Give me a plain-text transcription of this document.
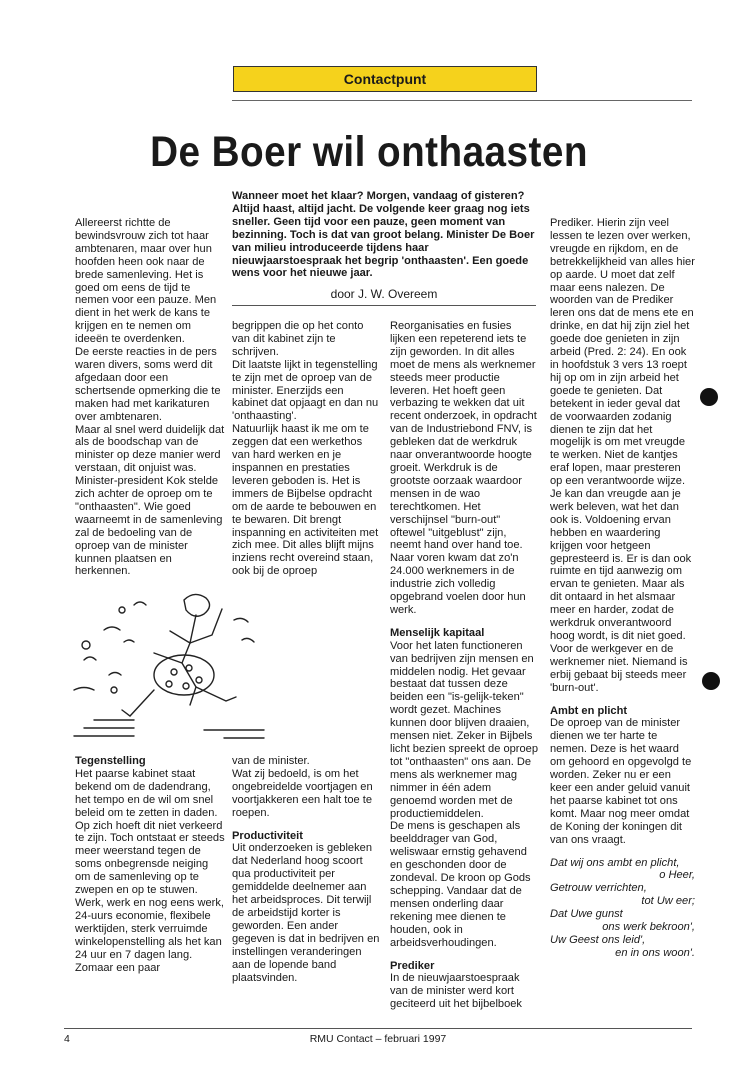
Contactpunt
De Boer wil onthaasten
Wanneer moet het klaar? Morgen, vandaag of gisteren? Altijd haast, altijd jacht. De volgende keer graag nog iets sneller. Geen tijd voor een pauze, geen moment van bezinning. Toch is dat van groot belang. Minister De Boer van milieu introduceerde tijdens haar nieuwjaarstoespraak het begrip 'onthaasten'. Een goede wens voor het nieuwe jaar.
door J. W. Overeem

Allereerst richtte de bewindsvrouw zich tot haar ambtenaren, maar over hun hoofden heen ook naar de brede samenleving. Het is goed om eens de tijd te nemen voor een pauze. Men dient in het werk de kans te krijgen en te nemen om ideeën te overdenken.

De eerste reacties in de pers waren divers, soms werd dit afgedaan door een schertsende opmerking die te maken had met karikaturen over ambtenaren.

Maar al snel werd duidelijk dat als de boodschap van de minister op deze manier werd verstaan, dit onjuist was. Minister-president Kok stelde zich achter de oproep om te "onthaasten". Wie goed waarneemt in de samenleving zal de bedoeling van de oproep van de minister kunnen plaatsen en herkennen.

begrippen die op het conto van dit kabinet zijn te schrijven.

Dit laatste lijkt in tegenstelling te zijn met de oproep van de minister. Enerzijds een kabinet dat opjaagt en dan nu 'onthaasting'.

Natuurlijk haast ik me om te zeggen dat een werkethos van hard werken en je inspannen en prestaties leveren geboden is. Het is immers de Bijbelse opdracht om de aarde te bebouwen en te bewaren. Dit brengt inspanning en activiteiten met zich mee. Dit alles blijft mijns inziens recht overeind staan, ook bij de oproep

Tegenstelling

Het paarse kabinet staat bekend om de dadendrang, het tempo en de wil om snel beleid om te zetten in daden. Op zich hoeft dit niet verkeerd te zijn. Toch ontstaat er steeds meer weerstand tegen de soms onbegrensde neiging om de samenleving op te zwepen en op te stuwen. Werk, werk en nog eens werk, 24-uurs economie, flexibele werktijden, sterk verruimde winkelopenstelling als het kan 24 uur en 7 dagen lang. Zomaar een paar

van de minister.

Wat zij bedoeld, is om het ongebreidelde voortjagen en voortjakkeren een halt toe te roepen.

Productiviteit

Uit onderzoeken is gebleken dat Nederland hoog scoort qua productiviteit per gemiddelde deelnemer aan het arbeidsproces. Dit terwijl de arbeidstijd korter is geworden. Een ander gegeven is dat in bedrijven en instellingen veranderingen aan de lopende band plaatsvinden.

Reorganisaties en fusies lijken een repeterend iets te zijn geworden. In dit alles moet de mens als werknemer steeds meer productie leveren. Het hoeft geen verbazing te wekken dat uit recent onderzoek, in opdracht van de Industriebond FNV, is gebleken dat de werkdruk naar onverantwoorde hoogte groeit. Werkdruk is de grootste oorzaak waardoor mensen in de wao terechtkomen. Het verschijnsel "burn-out" oftewel "uitgeblust" zijn, neemt hand over hand toe. Naar voren kwam dat zo'n 24.000 werknemers in de industrie zich volledig opgebrand voelen door hun werk.

Menselijk kapitaal

Voor het laten functioneren van bedrijven zijn mensen en middelen nodig. Het gevaar bestaat dat tussen deze beiden een "is-gelijk-teken" wordt gezet. Machines kunnen door blijven draaien, mensen niet. Zeker in Bijbels licht bezien spreekt de oproep tot "onthaasten" ons aan. De mens als werknemer mag nimmer in één adem genoemd worden met de productiemiddelen.

De mens is geschapen als beelddrager van God, weliswaar ernstig gehavend en geschonden door de zondeval. De kroon op Gods schepping. Vandaar dat de mensen onderling daar rekening mee dienen te houden, ook in arbeidsverhoudingen.

Prediker

In de nieuwjaarstoespraak van de minister werd kort geciteerd uit het bijbelboek

Prediker. Hierin zijn veel lessen te lezen over werken, vreugde en rijkdom, en de betrekkelijkheid van alles hier op aarde. U moet dat zelf maar eens nalezen. De woorden van de Prediker leren ons dat de mens ete en drinke, en dat hij zijn ziel het goede doe genieten in zijn arbeid (Pred. 2: 24). En ook in hoofdstuk 3 vers 13 roept hij op om in zijn arbeid het goede te genieten. Dat betekent in ieder geval dat de voorwaarden zodanig dienen te zijn dat het mogelijk is om met vreugde te werken. Niet de kantjes eraf lopen, maar presteren op een verantwoorde wijze.

Je kan dan vreugde aan je werk beleven, wat het dan ook is. Voldoening ervan hebben en waardering krijgen voor hetgeen gepresteerd is. Er is dan ook ruimte en tijd aanwezig om ervan te genieten. Maar als dit ontaard in het alsmaar meer en harder, zodat de werkdruk onverantwoord hoog wordt, is dit niet goed. Voor de werkgever en de werknemer niet. Niemand is erbij gebaat bij steeds meer 'burn-out'.

Ambt en plicht

De oproep van de minister dienen we ter harte te nemen. Deze is het waard om gehoord en opgevolgd te worden. Zeker nu er een keer een ander geluid vanuit het paarse kabinet tot ons komt. Maar nog meer omdat de Koning der koningen dit van ons vraagt.

Dat wij ons ambt en plicht,
o Heer,
Getrouw verrichten,
tot Uw eer;
Dat Uwe gunst
ons werk bekroon',
Uw Geest ons leid',
en in ons woon'.
4	RMU Contact – februari 1997
